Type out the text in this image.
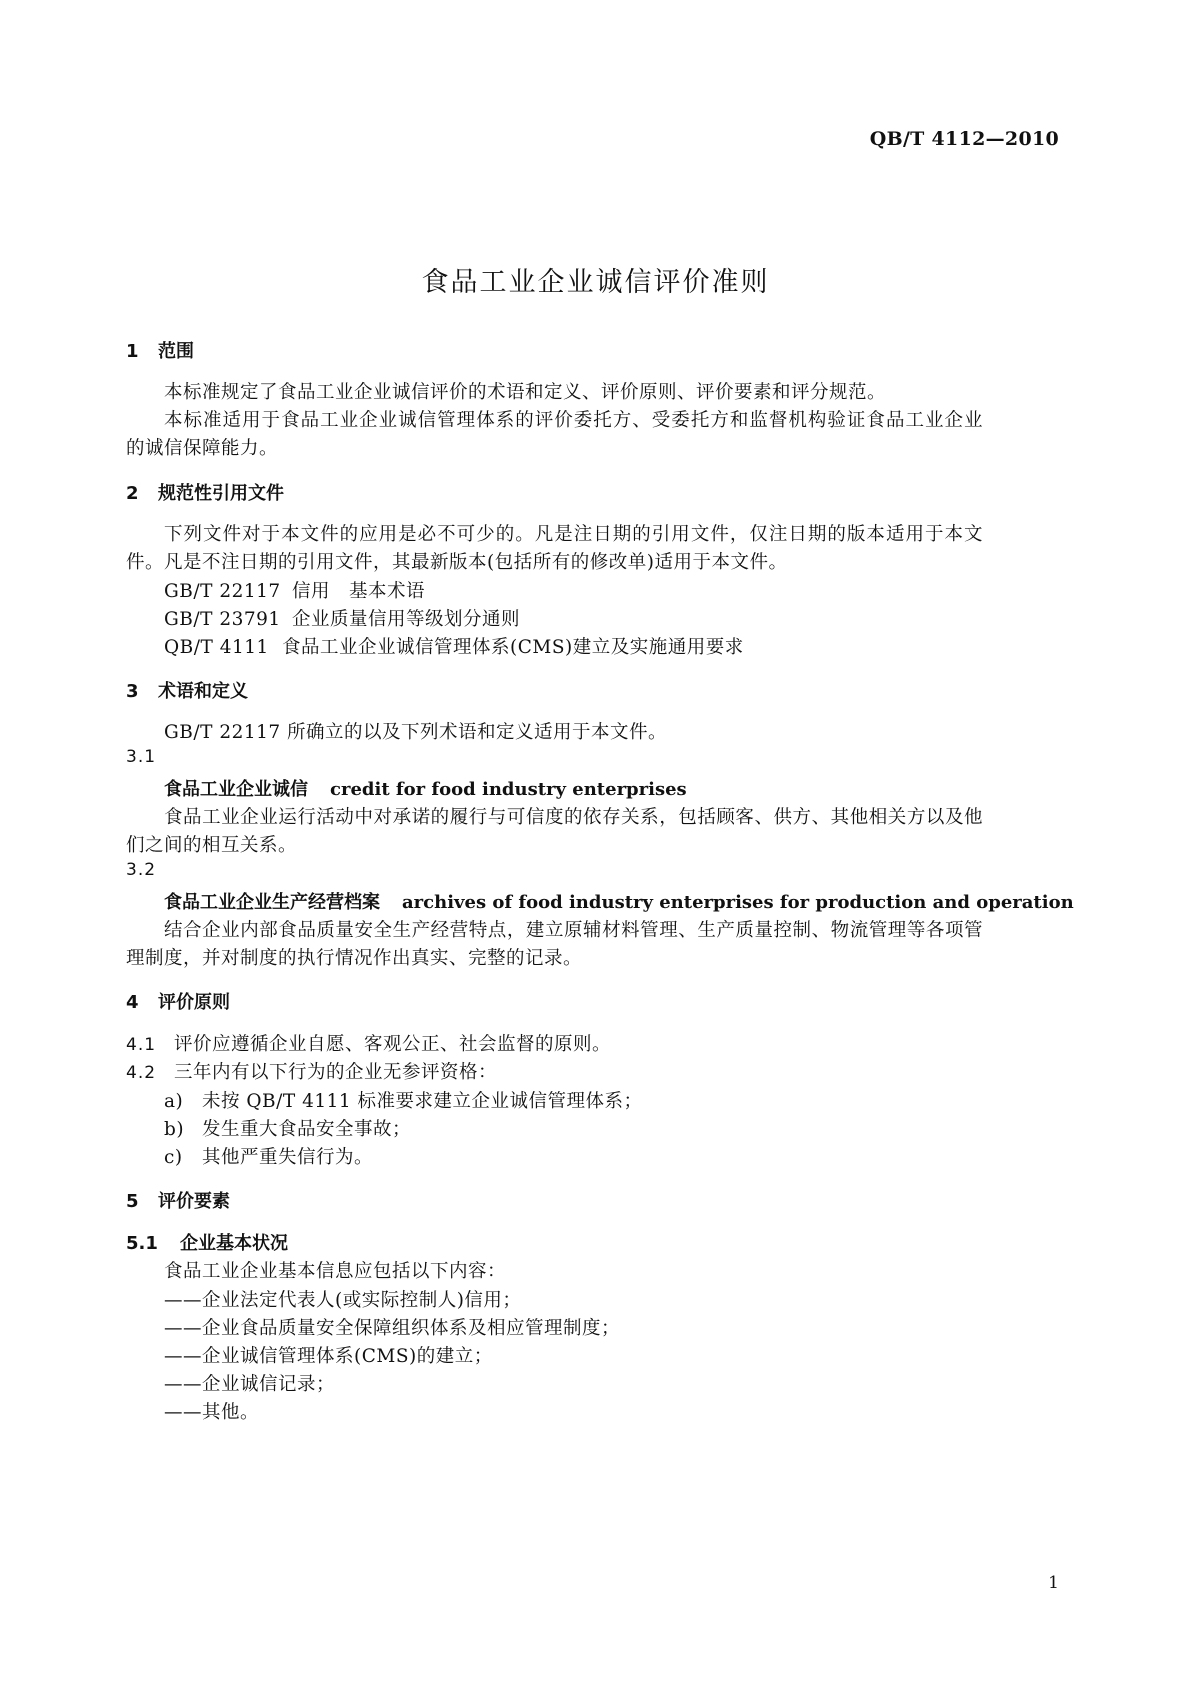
QB/T 4112—2010
食品工业企业诚信评价准则
1 范围
本标准规定了食品工业企业诚信评价的术语和定义、评价原则、评价要素和评分规范。
本标准适用于食品工业企业诚信管理体系的评价委托方、受委托方和监督机构验证食品工业企业
的诚信保障能力。
2 规范性引用文件
下列文件对于本文件的应用是必不可少的。凡是注日期的引用文件，仅注日期的版本适用于本文
件。凡是不注日期的引用文件，其最新版本(包括所有的修改单)适用于本文件。
GB/T 22117 信用　基本术语
GB/T 23791 企业质量信用等级划分通则
QB/T 4111 食品工业企业诚信管理体系(CMS)建立及实施通用要求
3 术语和定义
GB/T 22117 所确立的以及下列术语和定义适用于本文件。
3.1
食品工业企业诚信 credit for food industry enterprises
食品工业企业运行活动中对承诺的履行与可信度的依存关系，包括顾客、供方、其他相关方以及他
们之间的相互关系。
3.2
食品工业企业生产经营档案 archives of food industry enterprises for production and operation
结合企业内部食品质量安全生产经营特点，建立原辅材料管理、生产质量控制、物流管理等各项管
理制度，并对制度的执行情况作出真实、完整的记录。
4 评价原则
4.1 评价应遵循企业自愿、客观公正、社会监督的原则。
4.2 三年内有以下行为的企业无参评资格：
a) 未按 QB/T 4111 标准要求建立企业诚信管理体系；
b) 发生重大食品安全事故；
c) 其他严重失信行为。
5 评价要素
5.1 企业基本状况
食品工业企业基本信息应包括以下内容：
——企业法定代表人(或实际控制人)信用；
——企业食品质量安全保障组织体系及相应管理制度；
——企业诚信管理体系(CMS)的建立；
——企业诚信记录；
——其他。
1
